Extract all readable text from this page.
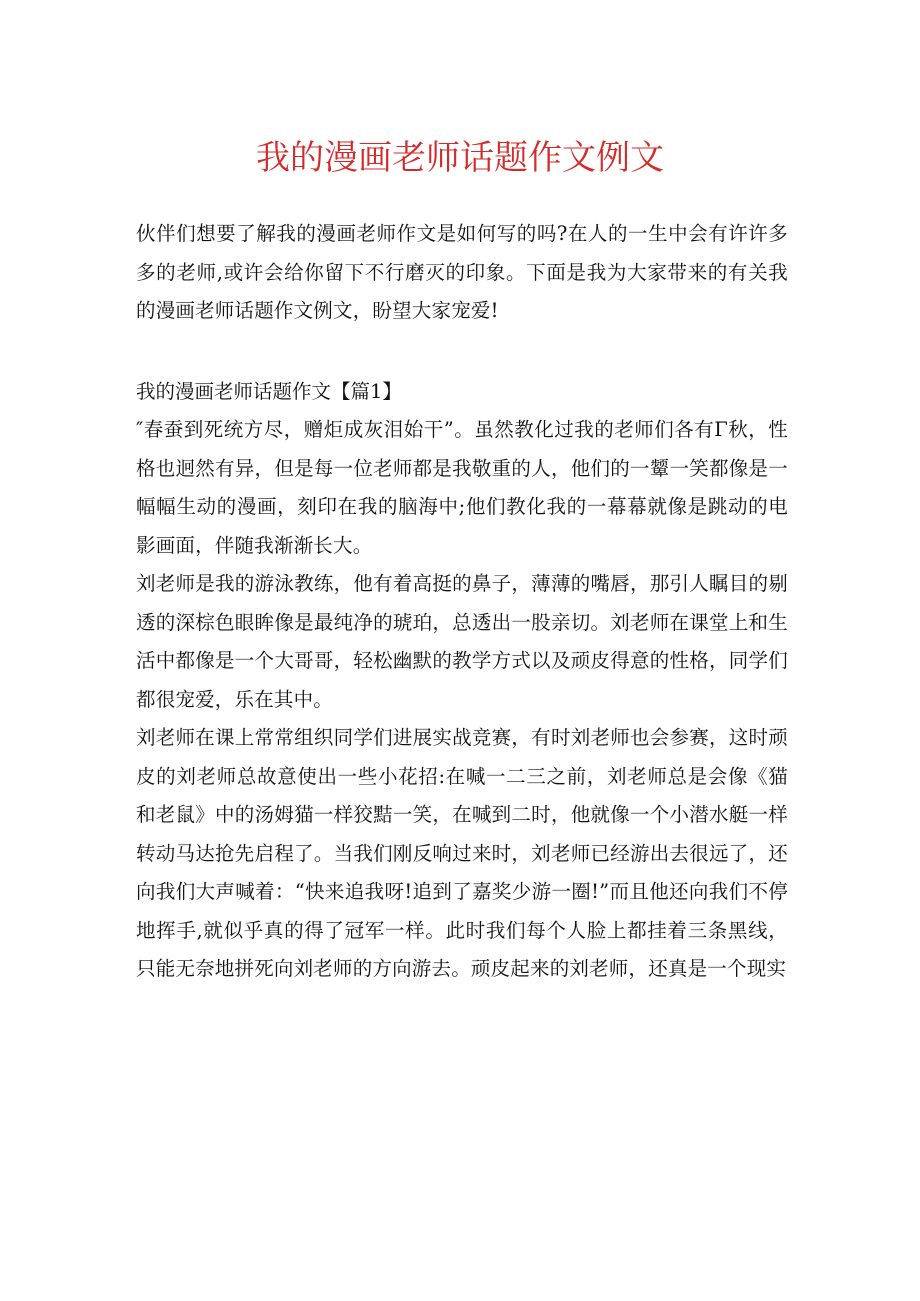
我的漫画老师话题作文例文

伙伴们想要了解我的漫画老师作文是如何写的吗?在人的一生中会有许许多多的老师,或许会给你留下不行磨灭的印象。下面是我为大家带来的有关我的漫画老师话题作文例文，盼望大家宠爱!

我的漫画老师话题作文【篇1】

″春蚕到死统方尽，赠炬成灰泪始干”。虽然教化过我的老师们各有Γ秋，性格也迥然有异，但是每一位老师都是我敬重的人，他们的一颦一笑都像是一幅幅生动的漫画，刻印在我的脑海中;他们教化我的一幕幕就像是跳动的电影画面，伴随我渐渐长大。

刘老师是我的游泳教练，他有着高挺的鼻子，薄薄的嘴唇，那引人瞩目的剔透的深棕色眼眸像是最纯净的琥珀，总透出一股亲切。刘老师在课堂上和生活中都像是一个大哥哥，轻松幽默的教学方式以及顽皮得意的性格，同学们都很宠爱，乐在其中。

刘老师在课上常常组织同学们进展实战竞赛，有时刘老师也会参赛，这时顽皮的刘老师总故意使出一些小花招:在喊一二三之前，刘老师总是会像《猫和老鼠》中的汤姆猫一样狡黠一笑，在喊到二时，他就像一个小潜水艇一样转动马达抢先启程了。当我们刚反响过来时，刘老师已经游出去很远了，还向我们大声喊着：“快来追我呀!追到了嘉奖少游一圈!”而且他还向我们不停地挥手,就似乎真的得了冠军一样。此时我们每个人脸上都挂着三条黑线，只能无奈地拼死向刘老师的方向游去。顽皮起来的刘老师，还真是一个现实
